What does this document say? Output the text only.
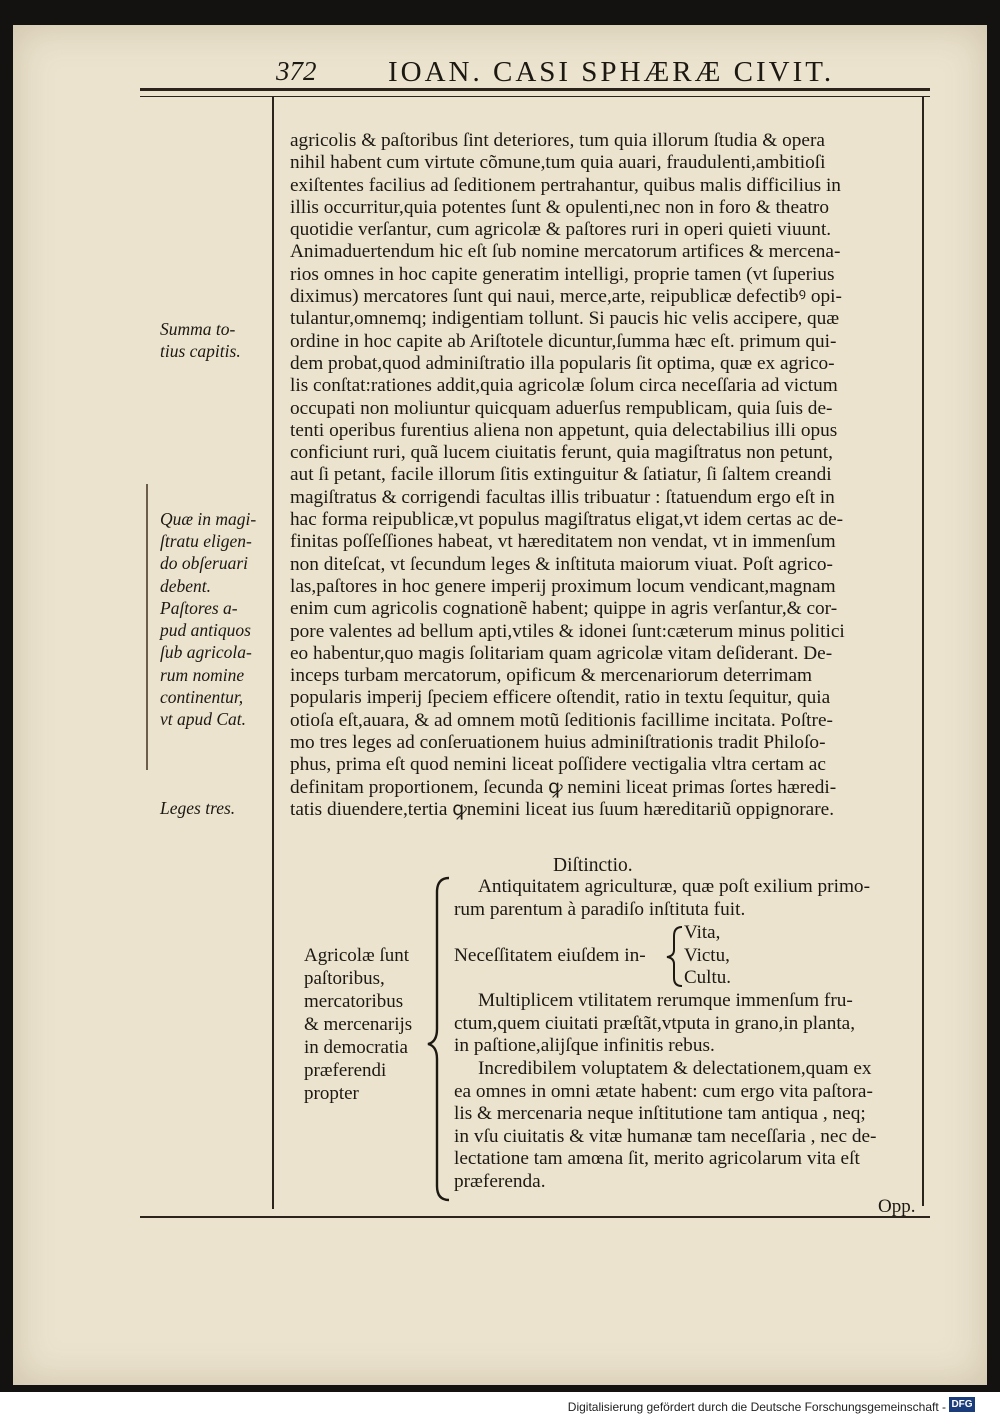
372 IOAN. CASI SPHÆRÆ CIVIT.

Summa to-
tius capitis.

Quæ in magi-
ſtratu eligen-
do obſeruari
debent.

Paſtores a-
pud antiquos
ſub agricola-
rum nomine
continentur,
vt apud Cat.

Leges tres.

agricolis & paſtoribus ſint deteriores, tum quia illorum ſtudia & opera
nihil habent cum virtute cõmune,tum quia auari, fraudulenti,ambitioſi
exiſtentes facilius ad ſeditionem pertrahantur, quibus malis difficilius in
illis occurritur,quia potentes ſunt & opulenti,nec non in foro & theatro
quotidie verſantur, cum agricolæ & paſtores ruri in operi quieti viuunt.
Animaduertendum hic eſt ſub nomine mercatorum artifices & mercena-
rios omnes in hoc capite generatim intelligi, proprie tamen (vt ſuperius
diximus) mercatores ſunt qui naui, merce,arte, reipublicæ defectibꝰ opi-
tulantur,omnemq; indigentiam tollunt. Si paucis hic velis accipere, quæ
ordine in hoc capite ab Ariſtotele dicuntur,ſumma hæc eſt. primum qui-
dem probat,quod adminiſtratio illa popularis ſit optima, quæ ex agrico-
lis conſtat:rationes addit,quia agricolæ ſolum circa neceſſaria ad victum
occupati non moliuntur quicquam aduerſus rempublicam, quia ſuis de-
tenti operibus furentius aliena non appetunt, quia delectabilius illi opus
conficiunt ruri, quã lucem ciuitatis ferunt, quia magiſtratus non petunt,
aut ſi petant, facile illorum ſitis extinguitur & ſatiatur, ſi ſaltem creandi
magiſtratus & corrigendi facultas illis tribuatur : ſtatuendum ergo eſt in
hac forma reipublicæ,vt populus magiſtratus eligat,vt idem certas ac de-
finitas poſſeſſiones habeat, vt hæreditatem non vendat, vt in immenſum
non diteſcat, vt ſecundum leges & inſtituta maiorum viuat. Poſt agrico-
las,paſtores in hoc genere imperij proximum locum vendicant,magnam
enim cum agricolis cognationẽ habent; quippe in agris verſantur,& cor-
pore valentes ad bellum apti,vtiles & idonei ſunt:cæterum minus politici
eo habentur,quo magis ſolitariam quam agricolæ vitam deſiderant. De-
inceps turbam mercatorum, opificum & mercenariorum deterrimam
popularis imperij ſpeciem efficere oſtendit, ratio in textu ſequitur, quia
otioſa eſt,auara, & ad omnem motũ ſeditionis facillime incitata. Poſtre-
mo tres leges ad conſeruationem huius adminiſtrationis tradit Philoſo-
phus, prima eſt quod nemini liceat poſſidere vectigalia vltra certam ac
definitam proportionem, ſecunda ꝙ nemini liceat primas ſortes hæredi-
tatis diuendere,tertia ꝙnemini liceat ius ſuum hæreditariũ oppignorare.

Diſtinctio.

Agricolæ ſunt
paſtoribus,
mercatoribus
& mercenarijs
in democratia
præferendi
propter

Antiquitatem agriculturæ, quæ poſt exilium primo-
rum parentum à paradiſo inſtituta fuit.

Neceſſitatem eiuſdem in-

Vita,
Victu,
Cultu.

Multiplicem vtilitatem rerumque immenſum fru-
ctum,quem ciuitati præſtãt,vtputa in grano,in planta,
in paſtione,alijſque infinitis rebus.

Incredibilem voluptatem & delectationem,quam ex
ea omnes in omni ætate habent: cum ergo vita paſtora-
lis & mercenaria neque inſtitutione tam antiqua , neq;
in vſu ciuitatis & vitæ humanæ tam neceſſaria , nec de-
lectatione tam amœna ſit, merito agricolarum vita eſt
præferenda.

Opp.
Digitalisierung gefördert durch die Deutsche Forschungsgemeinschaft - DFG
